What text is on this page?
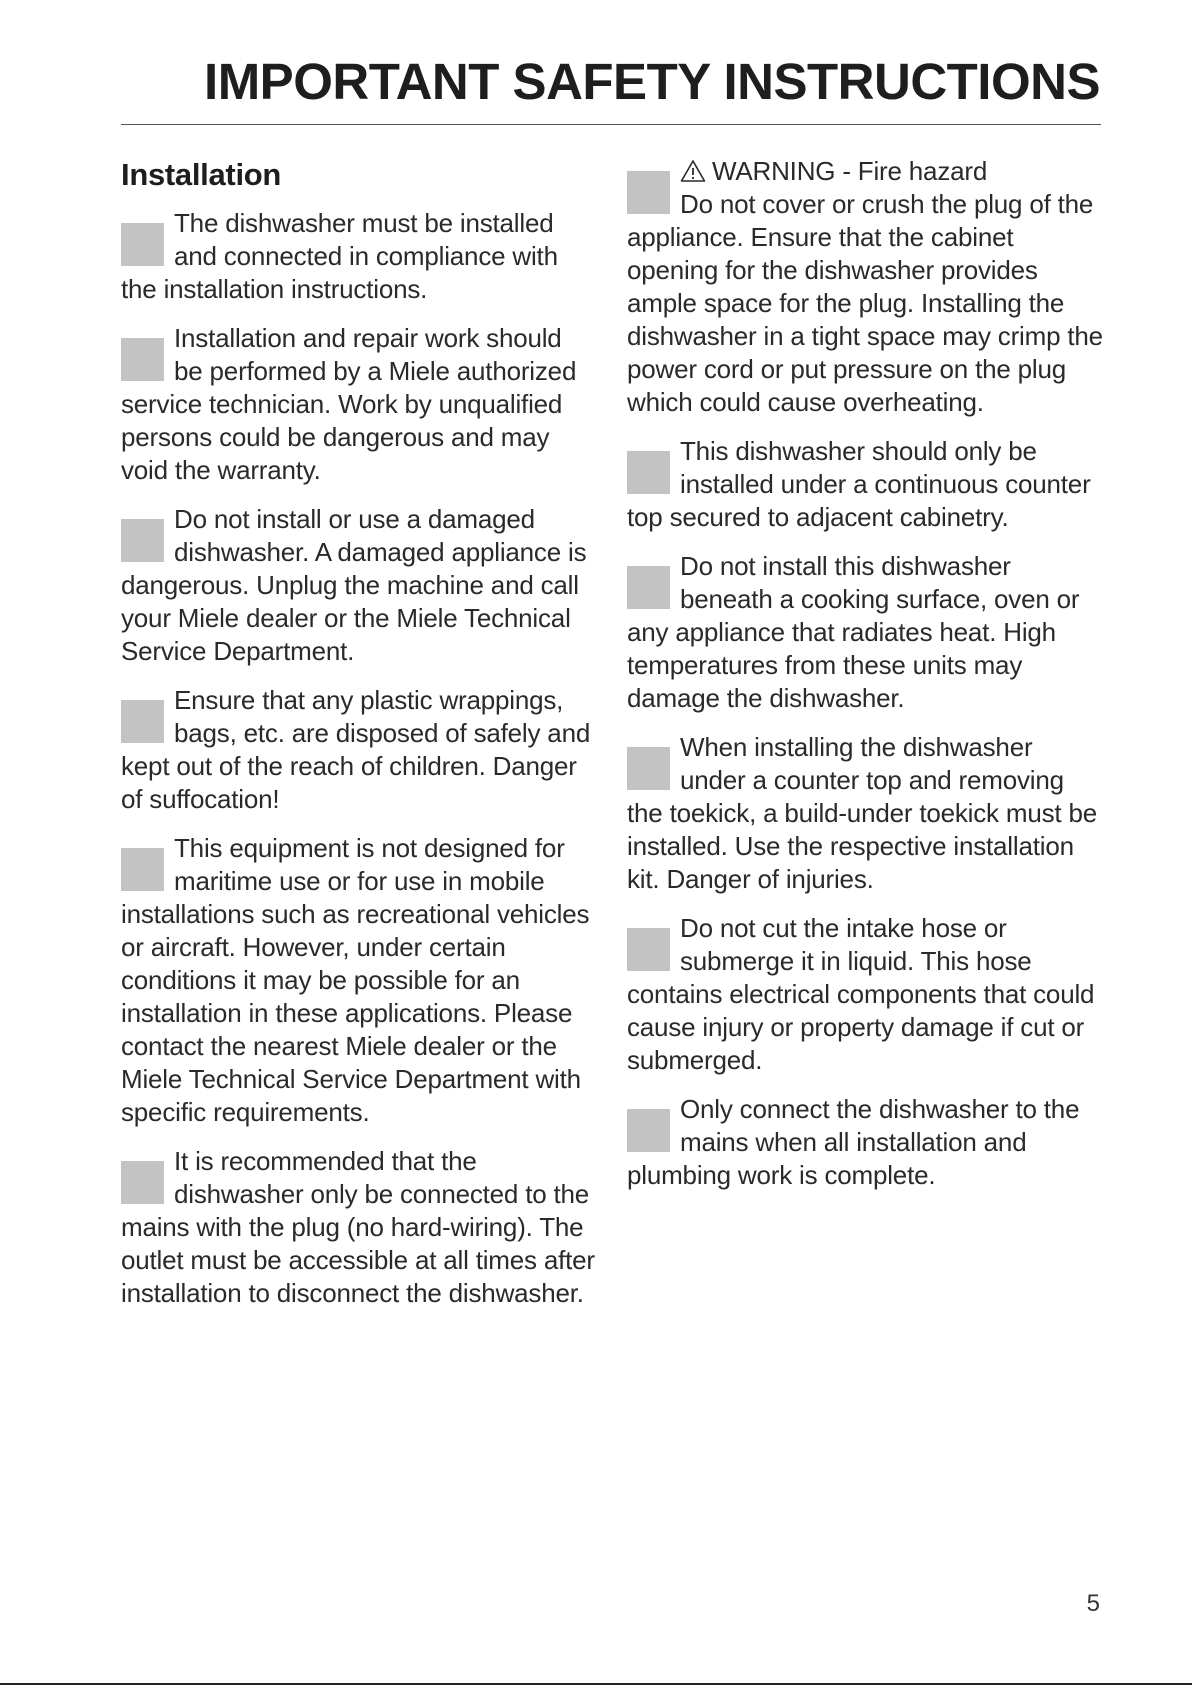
IMPORTANT SAFETY INSTRUCTIONS
Installation

The dishwasher must be installed and connected in compliance with the installation instructions.

Installation and repair work should be performed by a Miele authorized service technician. Work by unqualified persons could be dangerous and may void the warranty.

Do not install or use a damaged dishwasher. A damaged appliance is dangerous. Unplug the machine and call your Miele dealer or the Miele Technical Service Department.

Ensure that any plastic wrappings, bags, etc. are disposed of safely and kept out of the reach of children. Danger of suffocation!

This equipment is not designed for maritime use or for use in mobile installations such as recreational vehicles or aircraft. However, under certain conditions it may be possible for an installation in these applications. Please contact the nearest Miele dealer or the Miele Technical Service Department with specific requirements.

It is recommended that the dishwasher only be connected to the mains with the plug (no hard-wiring). The outlet must be accessible at all times after installation to disconnect the dishwasher.

WARNING - Fire hazard
Do not cover or crush the plug of the appliance. Ensure that the cabinet opening for the dishwasher provides ample space for the plug. Installing the dishwasher in a tight space may crimp the power cord or put pressure on the plug which could cause overheating.

This dishwasher should only be installed under a continuous counter top secured to adjacent cabinetry.

Do not install this dishwasher beneath a cooking surface, oven or any appliance that radiates heat. High temperatures from these units may damage the dishwasher.

When installing the dishwasher under a counter top and removing the toekick, a build-under toekick must be installed. Use the respective installation kit. Danger of injuries.

Do not cut the intake hose or submerge it in liquid. This hose contains electrical components that could cause injury or property damage if cut or submerged.

Only connect the dishwasher to the mains when all installation and plumbing work is complete.

5
